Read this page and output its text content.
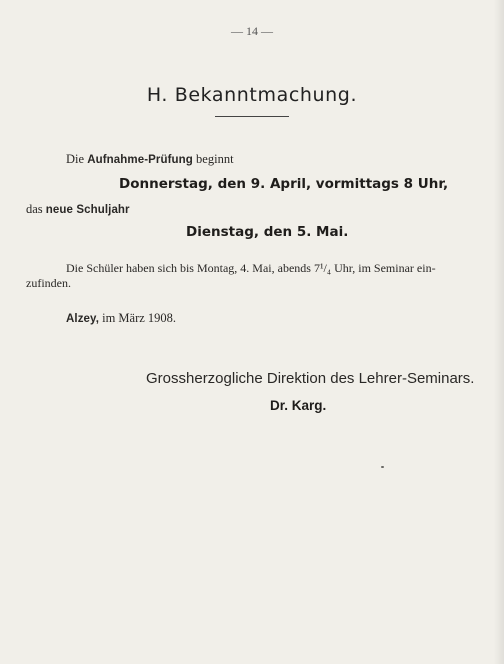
— 14 —
H. Bekanntmachung.
Die Aufnahme-Prüfung beginnt
Donnerstag, den 9. April, vormittags 8 Uhr,
das neue Schuljahr
Dienstag, den 5. Mai.
Die Schüler haben sich bis Montag, 4. Mai, abends 7¹/₄ Uhr, im Seminar ein-
zufinden.
Alzey, im März 1908.
Grossherzogliche Direktion des Lehrer-Seminars.
Dr. Karg.
